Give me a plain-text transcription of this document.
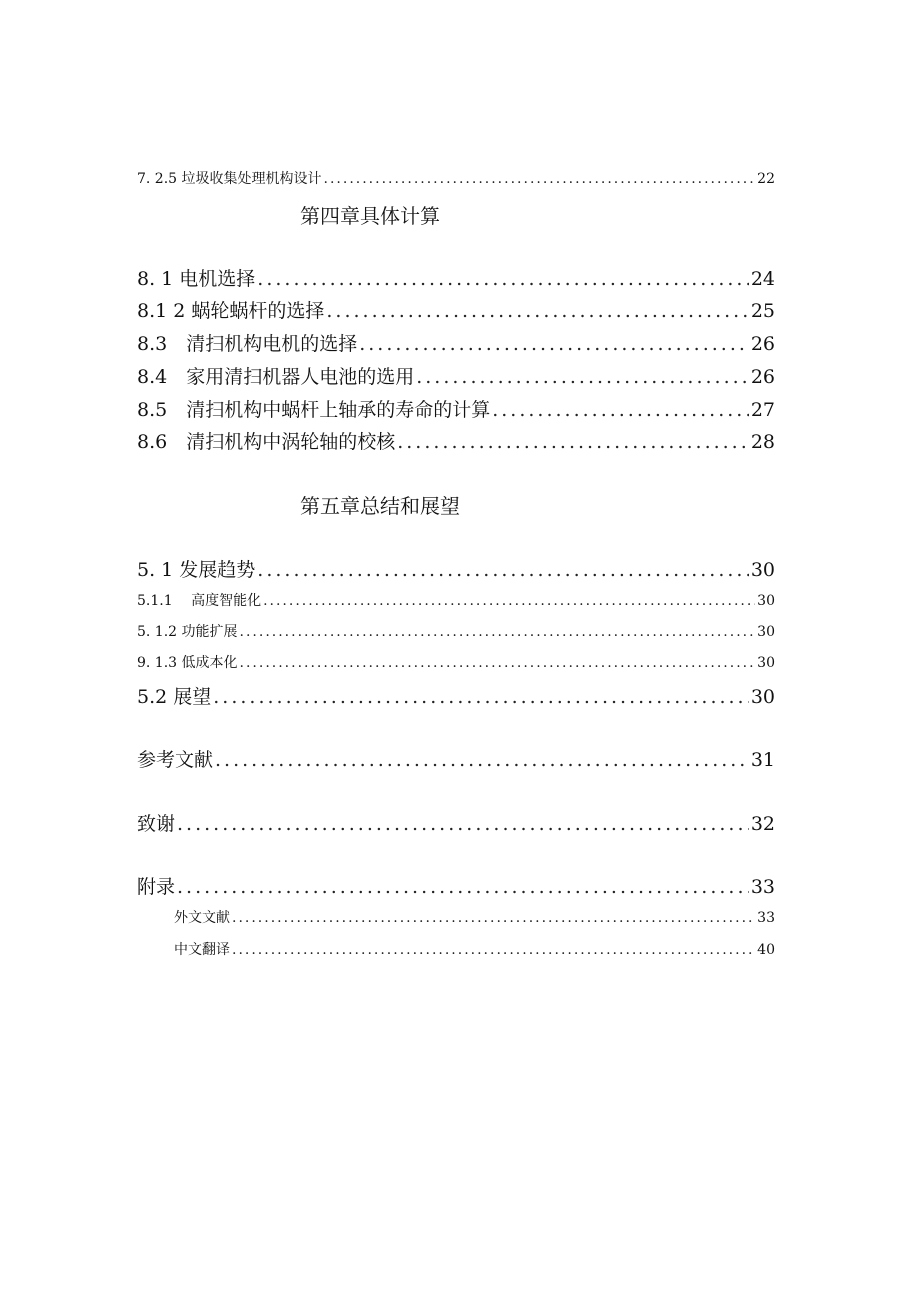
7. 2.5 垃圾收集处理机构设计 .....	22
第四章具体计算
8. 1 电机选择 .....	24
8.1 2 蜗轮蜗杆的选择 .....	25
8.3　清扫机构电机的选择 .....	26
8.4　家用清扫机器人电池的选用 .....	26
8.5　清扫机构中蜗杆上轴承的寿命的计算 .....	27
8.6　清扫机构中涡轮轴的校核 .....	28
第五章总结和展望
5. 1 发展趋势 .....	30
5.1.1　 高度智能化 .....	30
5. 1.2 功能扩展 .....	30
9. 1.3 低成本化 .....	30
5.2 展望 .....	30
参考文献 .....	31
致谢 .....	32
附录 .....	33
外文文献 .....	33
中文翻译 .....	40
